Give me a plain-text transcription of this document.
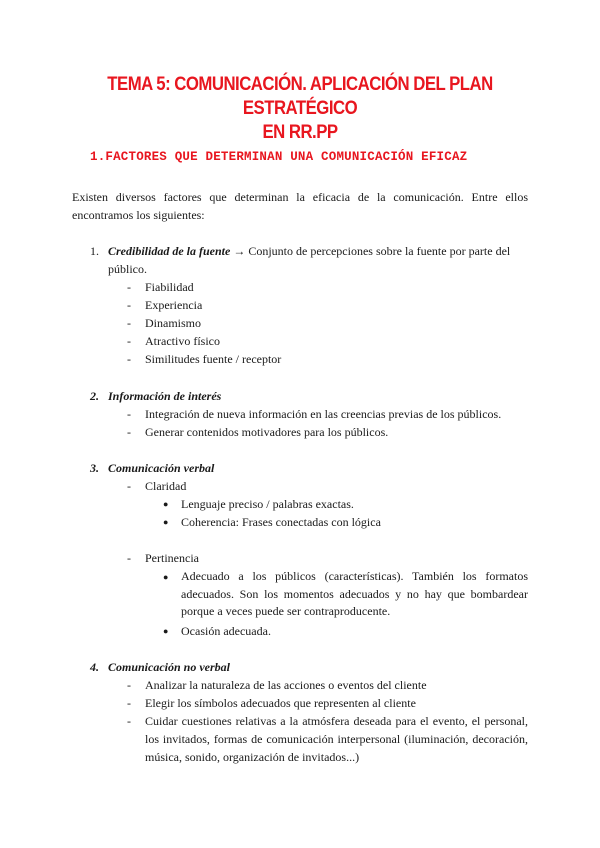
TEMA 5: COMUNICACIÓN. APLICACIÓN DEL PLAN ESTRATÉGICO
EN RR.PP
1.FACTORES QUE DETERMINAN UNA COMUNICACIÓN EFICAZ
Existen diversos factores que determinan la eficacia de la comunicación. Entre ellos encontramos los siguientes:
1. Credibilidad de la fuente → Conjunto de percepciones sobre la fuente por parte del
público.
- Fiabilidad
- Experiencia
- Dinamismo
- Atractivo físico
- Similitudes fuente / receptor
2. Información de interés
- Integración de nueva información en las creencias previas de los públicos.
- Generar contenidos motivadores para los públicos.
3. Comunicación verbal
- Claridad
● Lenguaje preciso / palabras exactas.
● Coherencia: Frases conectadas con lógica
- Pertinencia
● Adecuado a los públicos (características). También los formatos adecuados. Son los momentos adecuados y no hay que bombardear porque a veces puede ser contraproducente.
● Ocasión adecuada.
4. Comunicación no verbal
- Analizar la naturaleza de las acciones o eventos del cliente
- Elegir los símbolos adecuados que representen al cliente
- Cuidar cuestiones relativas a la atmósfera deseada para el evento, el personal, los invitados, formas de comunicación interpersonal (iluminación, decoración, música, sonido, organización de invitados...)
